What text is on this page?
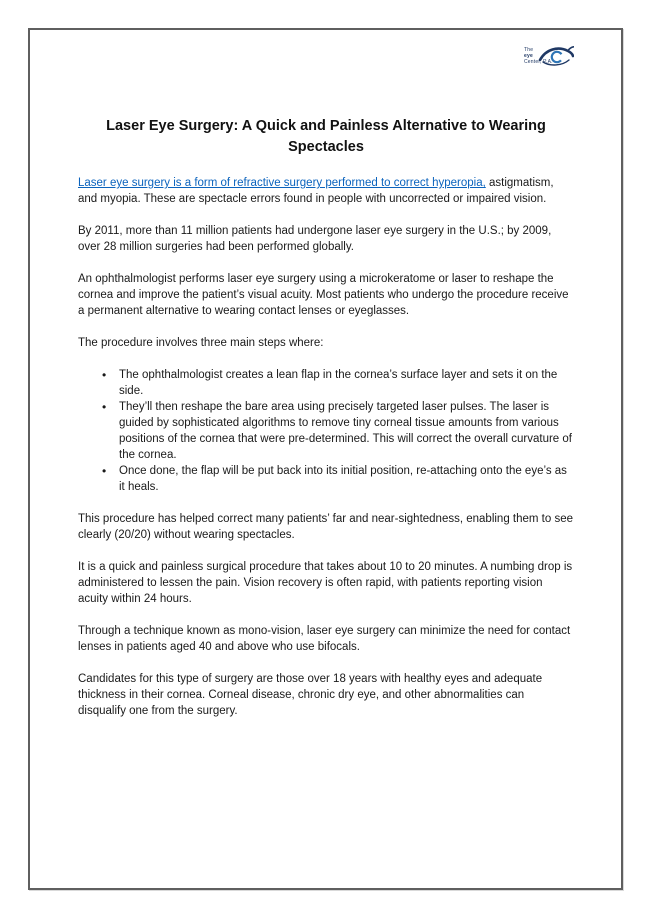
The
eye
Center, P.A.
Laser Eye Surgery: A Quick and Painless Alternative to Wearing Spectacles

Laser eye surgery is a form of refractive surgery performed to correct hyperopia, astigmatism, and myopia. These are spectacle errors found in people with uncorrected or impaired vision.

By 2011, more than 11 million patients had undergone laser eye surgery in the U.S.; by 2009, over 28 million surgeries had been performed globally.

An ophthalmologist performs laser eye surgery using a microkeratome or laser to reshape the cornea and improve the patient’s visual acuity. Most patients who undergo the procedure receive a permanent alternative to wearing contact lenses or eyeglasses.

The procedure involves three main steps where:

• The ophthalmologist creates a lean flap in the cornea’s surface layer and sets it on the side.
• They’ll then reshape the bare area using precisely targeted laser pulses. The laser is guided by sophisticated algorithms to remove tiny corneal tissue amounts from various positions of the cornea that were pre-determined. This will correct the overall curvature of the cornea.
• Once done, the flap will be put back into its initial position, re-attaching onto the eye’s as it heals.

This procedure has helped correct many patients’ far and near-sightedness, enabling them to see clearly (20/20) without wearing spectacles.

It is a quick and painless surgical procedure that takes about 10 to 20 minutes. A numbing drop is administered to lessen the pain. Vision recovery is often rapid, with patients reporting vision acuity within 24 hours.

Through a technique known as mono-vision, laser eye surgery can minimize the need for contact lenses in patients aged 40 and above who use bifocals.

Candidates for this type of surgery are those over 18 years with healthy eyes and adequate thickness in their cornea. Corneal disease, chronic dry eye, and other abnormalities can disqualify one from the surgery.
